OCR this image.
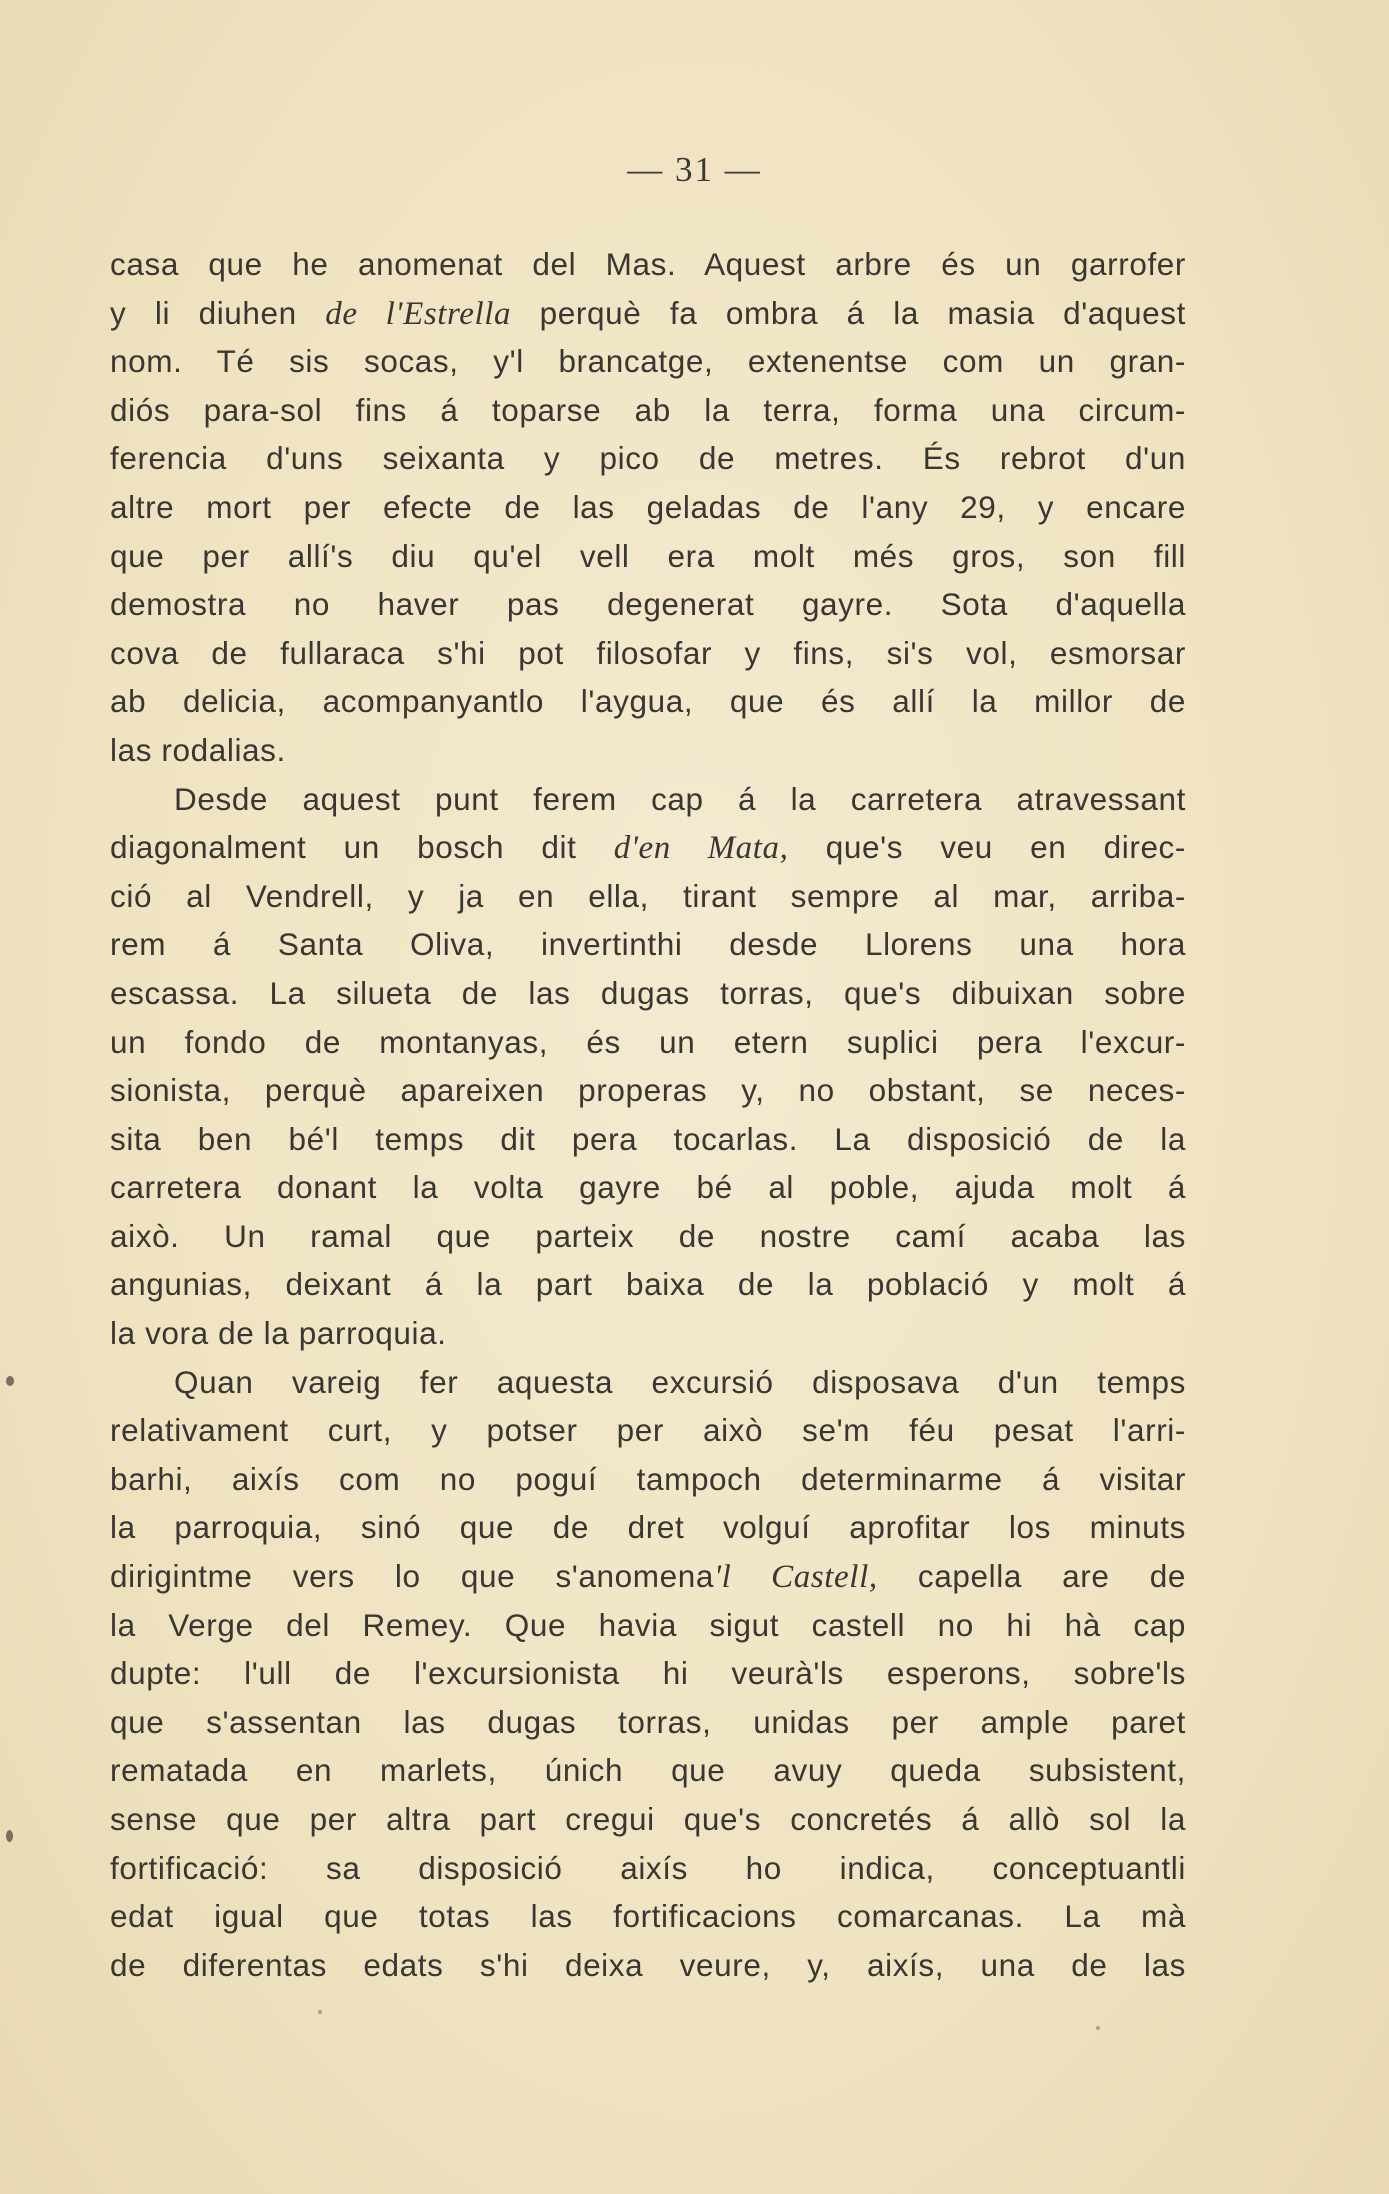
— 31 —
casa que he anomenat del Mas. Aquest arbre és un garrofer
y li diuhen de l'Estrella perquè fa ombra á la masia d'aquest
nom. Té sis socas, y'l brancatge, extenentse com un gran-
diós para-sol fins á toparse ab la terra, forma una circum-
ferencia d'uns seixanta y pico de metres. És rebrot d'un
altre mort per efecte de las geladas de l'any 29, y encare
que per allí's diu qu'el vell era molt més gros, son fill
demostra no haver pas degenerat gayre. Sota d'aquella
cova de fullaraca s'hi pot filosofar y fins, si's vol, esmorsar
ab delicia, acompanyantlo l'aygua, que és allí la millor de
las rodalias.
Desde aquest punt ferem cap á la carretera atravessant
diagonalment un bosch dit d'en Mata, que's veu en direc-
ció al Vendrell, y ja en ella, tirant sempre al mar, arriba-
rem á Santa Oliva, invertinthi desde Llorens una hora
escassa. La silueta de las dugas torras, que's dibuixan sobre
un fondo de montanyas, és un etern suplici pera l'excur-
sionista, perquè apareixen properas y, no obstant, se neces-
sita ben bé'l temps dit pera tocarlas. La disposició de la
carretera donant la volta gayre bé al poble, ajuda molt á
això. Un ramal que parteix de nostre camí acaba las
angunias, deixant á la part baixa de la població y molt á
la vora de la parroquia.
Quan vareig fer aquesta excursió disposava d'un temps
relativament curt, y potser per això se'm féu pesat l'arri-
barhi, aixís com no poguí tampoch determinarme á visitar
la parroquia, sinó que de dret volguí aprofitar los minuts
dirigintme vers lo que s'anomena'l Castell, capella are de
la Verge del Remey. Que havia sigut castell no hi hà cap
dupte: l'ull de l'excursionista hi veurà'ls esperons, sobre'ls
que s'assentan las dugas torras, unidas per ample paret
rematada en marlets, únich que avuy queda subsistent,
sense que per altra part cregui que's concretés á allò sol la
fortificació: sa disposició aixís ho indica, conceptuantli
edat igual que totas las fortificacions comarcanas. La mà
de diferentas edats s'hi deixa veure, y, aixís, una de las
